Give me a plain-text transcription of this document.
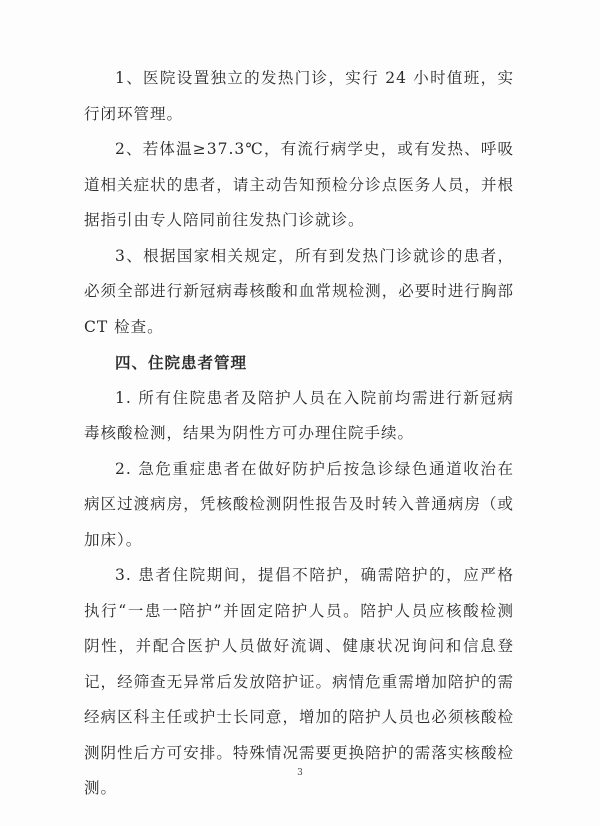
1、医院设置独立的发热门诊，实行 24 小时值班，实行闭环管理。

2、若体温≥37.3℃，有流行病学史，或有发热、呼吸道相关症状的患者，请主动告知预检分诊点医务人员，并根据指引由专人陪同前往发热门诊就诊。

3、根据国家相关规定，所有到发热门诊就诊的患者，必须全部进行新冠病毒核酸和血常规检测，必要时进行胸部 CT 检查。

四、住院患者管理

1. 所有住院患者及陪护人员在入院前均需进行新冠病毒核酸检测，结果为阴性方可办理住院手续。

2. 急危重症患者在做好防护后按急诊绿色通道收治在病区过渡病房，凭核酸检测阴性报告及时转入普通病房（或加床）。

3. 患者住院期间，提倡不陪护，确需陪护的，应严格执行“一患一陪护”并固定陪护人员。陪护人员应核酸检测阴性，并配合医护人员做好流调、健康状况询问和信息登记，经筛查无异常后发放陪护证。病情危重需增加陪护的需经病区科主任或护士长同意，增加的陪护人员也必须核酸检测阴性后方可安排。特殊情况需要更换陪护的需落实核酸检测。

3
